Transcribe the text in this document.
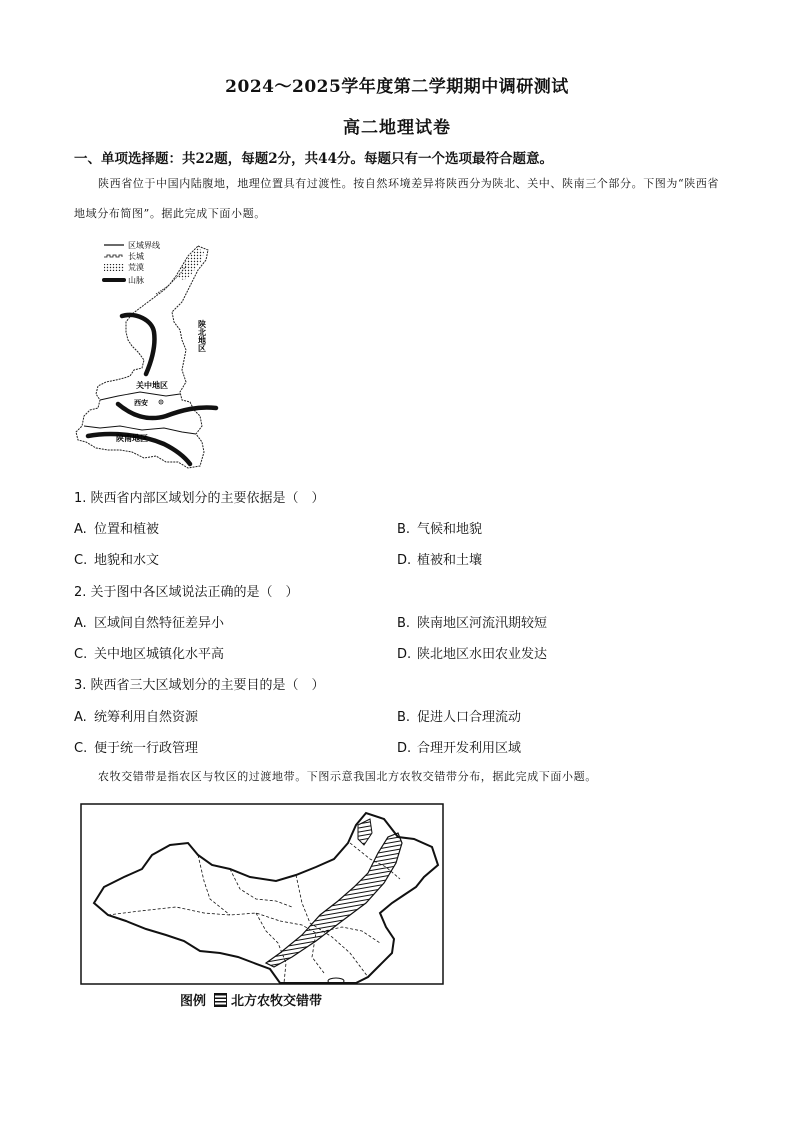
2024～2025学年度第二学期期中调研测试
高二地理试卷
一、单项选择题：共22题，每题2分，共44分。每题只有一个选项最符合题意。
陕西省位于中国内陆腹地，地理位置具有过渡性。按自然环境差异将陕西分为陕北、关中、陕南三个部分。下图为“陕西省地域分布简图”。据此完成下面小题。
区域界线
长城
荒漠
山脉
陕北地区
关中地区
西安
陕南地区
1. 陕西省内部区域划分的主要依据是（　）
A. 位置和植被	B. 气候和地貌
C. 地貌和水文	D. 植被和土壤
2. 关于图中各区域说法正确的是（　）
A. 区域间自然特征差异小	B. 陕南地区河流汛期较短
C. 关中地区城镇化水平高	D. 陕北地区水田农业发达
3. 陕西省三大区域划分的主要目的是（　）
A. 统筹利用自然资源	B. 促进人口合理流动
C. 便于统一行政管理	D. 合理开发利用区域
农牧交错带是指农区与牧区的过渡地带。下图示意我国北方农牧交错带分布，据此完成下面小题。
图例 北方农牧交错带
